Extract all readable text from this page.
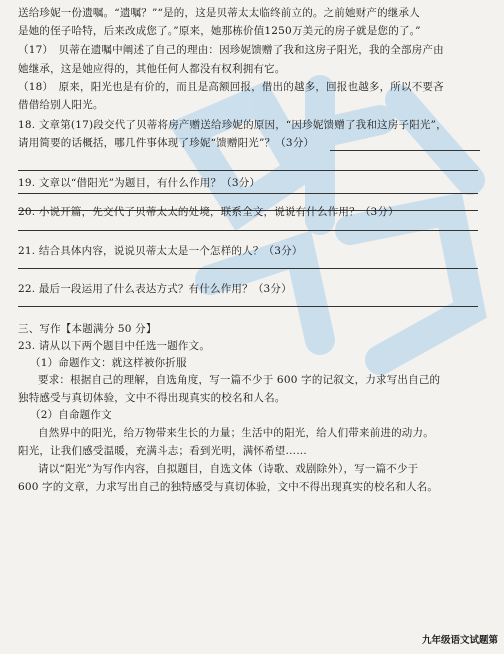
送给珍妮一份遗嘱。“遗嘱？”“是的，这是贝蒂太太临终前立的。之前她财产的继承人
是她的侄子哈特，后来改成您了。”原来，她那栋价值1250万美元的房子就是您的了。”
（17）　贝蒂在遗嘱中阐述了自己的理由：因珍妮馈赠了我和这房子阳光，我的全部房产由
她继承，这是她应得的，其他任何人都没有权利拥有它。
（18）　原来，阳光也是有价的，而且是高额回报，借出的越多，回报也越多，所以不要吝
借借给别人阳光。
18. 文章第(17)段交代了贝蒂将房产赠送给珍妮的原因，“因珍妮馈赠了我和这房子阳光”，
请用简要的话概括，哪几件事体现了珍妮“馈赠阳光”？（3分）
19. 文章以“借阳光”为题目，有什么作用？（3分）
20. 小说开篇，先交代了贝蒂太太的处境，联系全文，说说有什么作用？（3分）
21. 结合具体内容，说说贝蒂太太是一个怎样的人？（3分）
22. 最后一段运用了什么表达方式？有什么作用？（3分）
三、写作【本题满分 50 分】
23. 请从以下两个题目中任选一题作文。
（1）命题作文：就这样被你折服
要求：根据自己的理解，自选角度，写一篇不少于 600 字的记叙文，力求写出自己的
独特感受与真切体验，文中不得出现真实的校名和人名。
（2）自命题作文
自然界中的阳光，给万物带来生长的力量；生活中的阳光，给人们带来前进的动力。
阳光，让我们感受温暖，充满斗志；看到光明，满怀希望……
请以“阳光”为写作内容，自拟题目，自选文体（诗歌、戏剧除外），写一篇不少于
600 字的文章，力求写出自己的独特感受与真切体验，文中不得出现真实的校名和人名。
九年级语文试题第
